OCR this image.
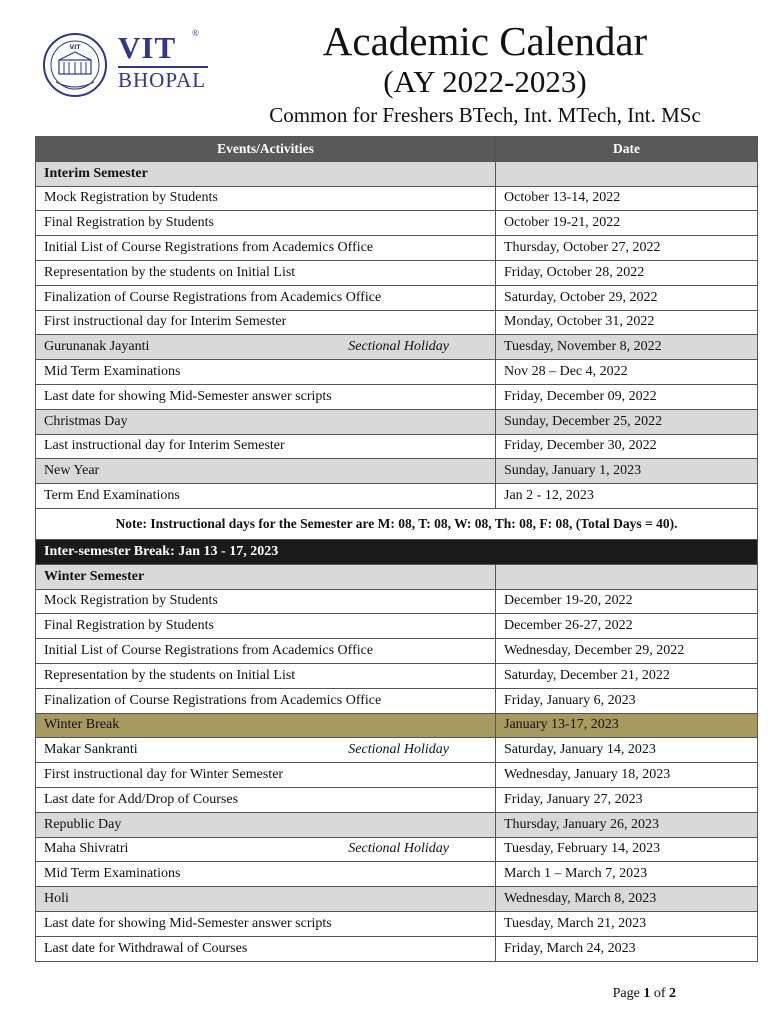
VIT VIT ®
BHOPAL
Academic Calendar
(AY 2022-2023)
Common for Freshers BTech, Int. MTech, Int. MSc
Events/Activities	Date
Interim Semester	
Mock Registration by Students	October 13-14, 2022
Final Registration by Students	October 19-21, 2022
Initial List of Course Registrations from Academics Office	Thursday, October 27, 2022
Representation by the students on Initial List	Friday, October 28, 2022
Finalization of Course Registrations from Academics Office	Saturday, October 29, 2022
First instructional day for Interim Semester	Monday, October 31, 2022

Gurunanak Jayanti Sectional Holiday	Tuesday, November 8, 2022
Mid Term Examinations	Nov 28 – Dec 4, 2022
Last date for showing Mid-Semester answer scripts	Friday, December 09, 2022
Christmas Day	Sunday, December 25, 2022
Last instructional day for Interim Semester	Friday, December 30, 2022
New Year	Sunday, January 1, 2023
Term End Examinations	Jan 2 - 12, 2023
Note: Instructional days for the Semester are M: 08, T: 08, W: 08, Th: 08, F: 08, (Total Days = 40).	
Inter-semester Break: Jan 13 - 17, 2023	
Winter Semester	
Mock Registration by Students	December 19-20, 2022
Final Registration by Students	December 26-27, 2022
Initial List of Course Registrations from Academics Office	Wednesday, December 29, 2022
Representation by the students on Initial List	Saturday, December 21, 2022
Finalization of Course Registrations from Academics Office	Friday, January 6, 2023
Winter Break	January 13-17, 2023

Makar Sankranti Sectional Holiday	Saturday, January 14, 2023
First instructional day for Winter Semester	Wednesday, January 18, 2023
Last date for Add/Drop of Courses	Friday, January 27, 2023
Republic Day	Thursday, January 26, 2023

Maha Shivratri Sectional Holiday	Tuesday, February 14, 2023
Mid Term Examinations	March 1 – March 7, 2023
Holi	Wednesday, March 8, 2023
Last date for showing Mid-Semester answer scripts	Tuesday, March 21, 2023
Last date for Withdrawal of Courses	Friday, March 24, 2023
Page 1 of 2
